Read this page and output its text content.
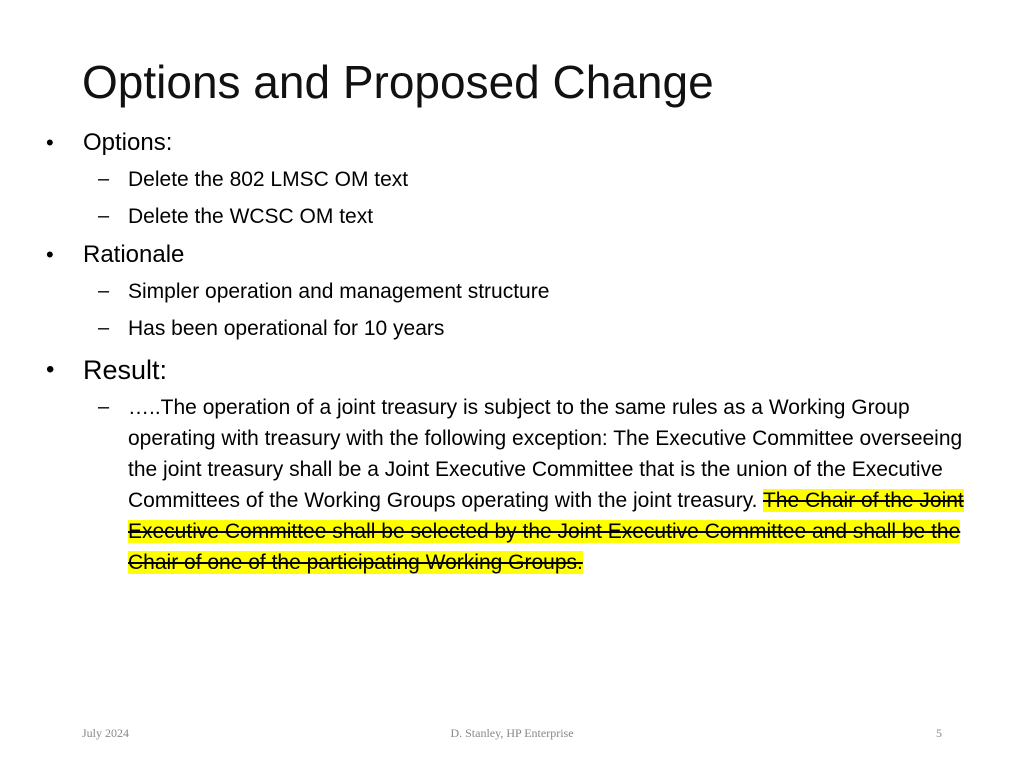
Options and Proposed Change
• Options:
– Delete the 802 LMSC OM text
– Delete the WCSC OM text
• Rationale
– Simpler operation and management structure
– Has been operational for 10 years
• Result:
– …..The operation of a joint treasury is subject to the same rules as a Working Group operating with treasury with the following exception: The Executive Committee overseeing the joint treasury shall be a Joint Executive Committee that is the union of the Executive Committees of the Working Groups operating with the joint treasury. The Chair of the Joint Executive Committee shall be selected by the Joint Executive Committee and shall be the Chair of one of the participating Working Groups.
July 2024	D. Stanley, HP Enterprise	5
